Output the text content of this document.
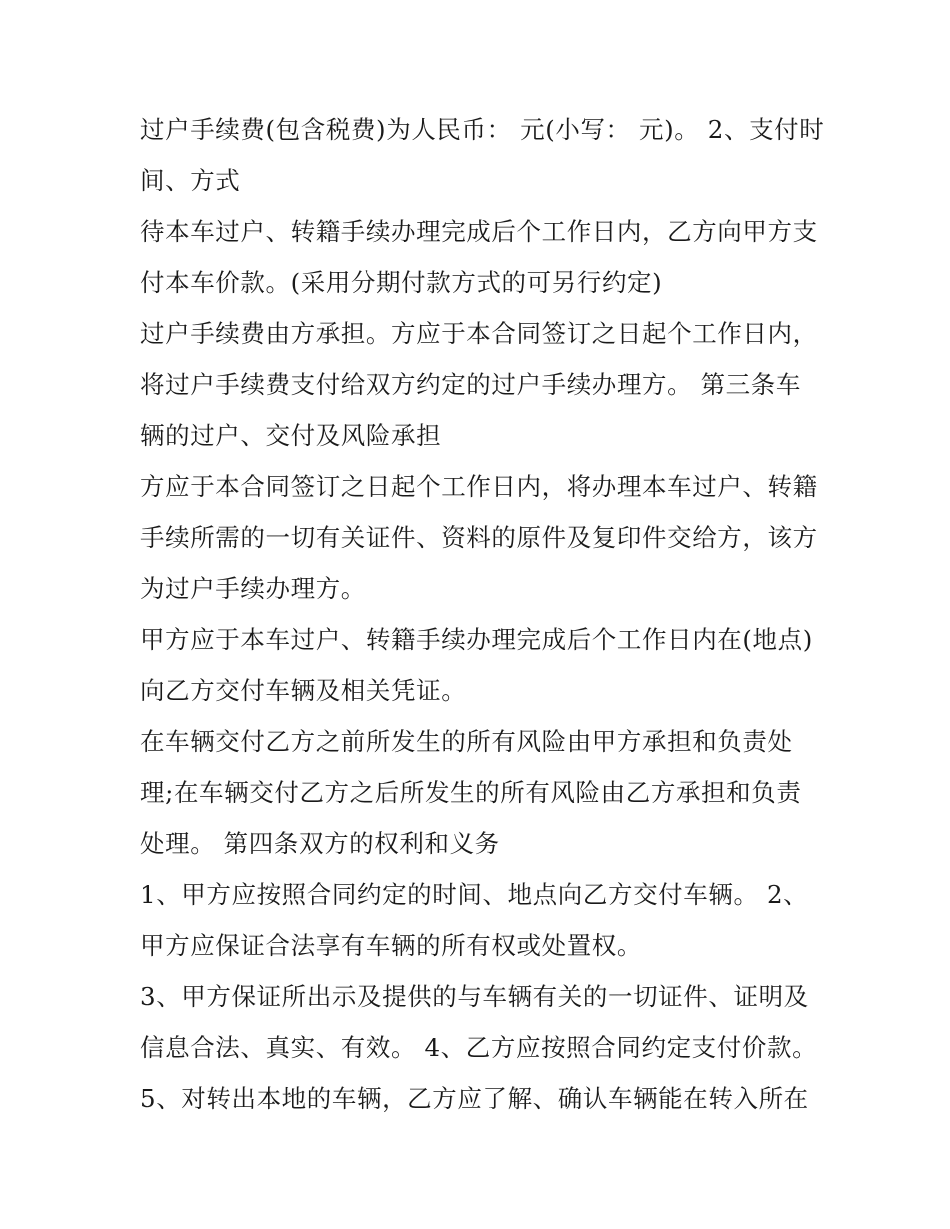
过户手续费(包含税费)为人民币： 元(小写： 元)。 2、支付时
间、方式
待本车过户、转籍手续办理完成后个工作日内，乙方向甲方支
付本车价款。(采用分期付款方式的可另行约定)
过户手续费由方承担。方应于本合同签订之日起个工作日内，
将过户手续费支付给双方约定的过户手续办理方。 第三条车
辆的过户、交付及风险承担
方应于本合同签订之日起个工作日内，将办理本车过户、转籍
手续所需的一切有关证件、资料的原件及复印件交给方，该方
为过户手续办理方。
甲方应于本车过户、转籍手续办理完成后个工作日内在(地点)
向乙方交付车辆及相关凭证。
在车辆交付乙方之前所发生的所有风险由甲方承担和负责处
理;在车辆交付乙方之后所发生的所有风险由乙方承担和负责
处理。 第四条双方的权利和义务
1、甲方应按照合同约定的时间、地点向乙方交付车辆。 2、
甲方应保证合法享有车辆的所有权或处置权。
3、甲方保证所出示及提供的与车辆有关的一切证件、证明及
信息合法、真实、有效。 4、乙方应按照合同约定支付价款。
5、对转出本地的车辆，乙方应了解、确认车辆能在转入所在
